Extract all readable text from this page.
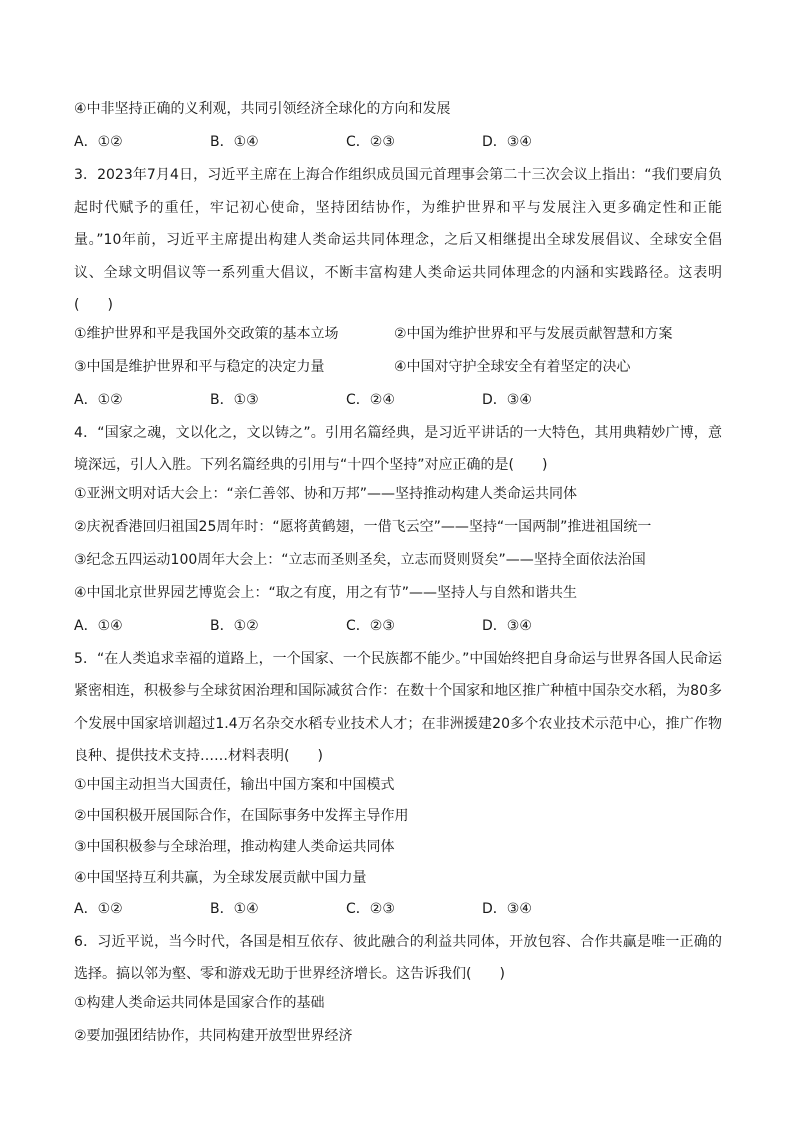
④中非坚持正确的义利观，共同引领经济全球化的方向和发展
A．①②	B．①④	C．②③	D．③④
3．2023年7月4日，习近平主席在上海合作组织成员国元首理事会第二十三次会议上指出：“我们要肩负起时代赋予的重任，牢记初心使命，坚持团结协作，为维护世界和平与发展注入更多确定性和正能量。”10年前，习近平主席提出构建人类命运共同体理念，之后又相继提出全球发展倡议、全球安全倡议、全球文明倡议等一系列重大倡议，不断丰富构建人类命运共同体理念的内涵和实践路径。这表明(　　)
①维护世界和平是我国外交政策的基本立场	②中国为维护世界和平与发展贡献智慧和方案
③中国是维护世界和平与稳定的决定力量	④中国对守护全球安全有着坚定的决心
A．①②	B．①③	C．②④	D．③④
4．“国家之魂，文以化之，文以铸之”。引用名篇经典，是习近平讲话的一大特色，其用典精妙广博，意境深远，引人入胜。下列名篇经典的引用与“十四个坚持”对应正确的是(　　)
①亚洲文明对话大会上：“亲仁善邻、协和万邦”——坚持推动构建人类命运共同体
②庆祝香港回归祖国25周年时：“愿将黄鹤翅，一借飞云空”——坚持“一国两制”推进祖国统一
③纪念五四运动100周年大会上：“立志而圣则圣矣，立志而贤则贤矣”——坚持全面依法治国
④中国北京世界园艺博览会上：“取之有度，用之有节”——坚持人与自然和谐共生
A．①④	B．①②	C．②③	D．③④
5．“在人类追求幸福的道路上，一个国家、一个民族都不能少。”中国始终把自身命运与世界各国人民命运紧密相连，积极参与全球贫困治理和国际减贫合作：在数十个国家和地区推广种植中国杂交水稻，为80多个发展中国家培训超过1.4万名杂交水稻专业技术人才；在非洲援建20多个农业技术示范中心，推广作物良种、提供技术支持……材料表明(　　)
①中国主动担当大国责任，输出中国方案和中国模式
②中国积极开展国际合作，在国际事务中发挥主导作用
③中国积极参与全球治理，推动构建人类命运共同体
④中国坚持互利共赢，为全球发展贡献中国力量
A．①②	B．①④	C．②③	D．③④
6．习近平说，当今时代，各国是相互依存、彼此融合的利益共同体，开放包容、合作共赢是唯一正确的选择。搞以邻为壑、零和游戏无助于世界经济增长。这告诉我们(　　)
①构建人类命运共同体是国家合作的基础
②要加强团结协作，共同构建开放型世界经济
